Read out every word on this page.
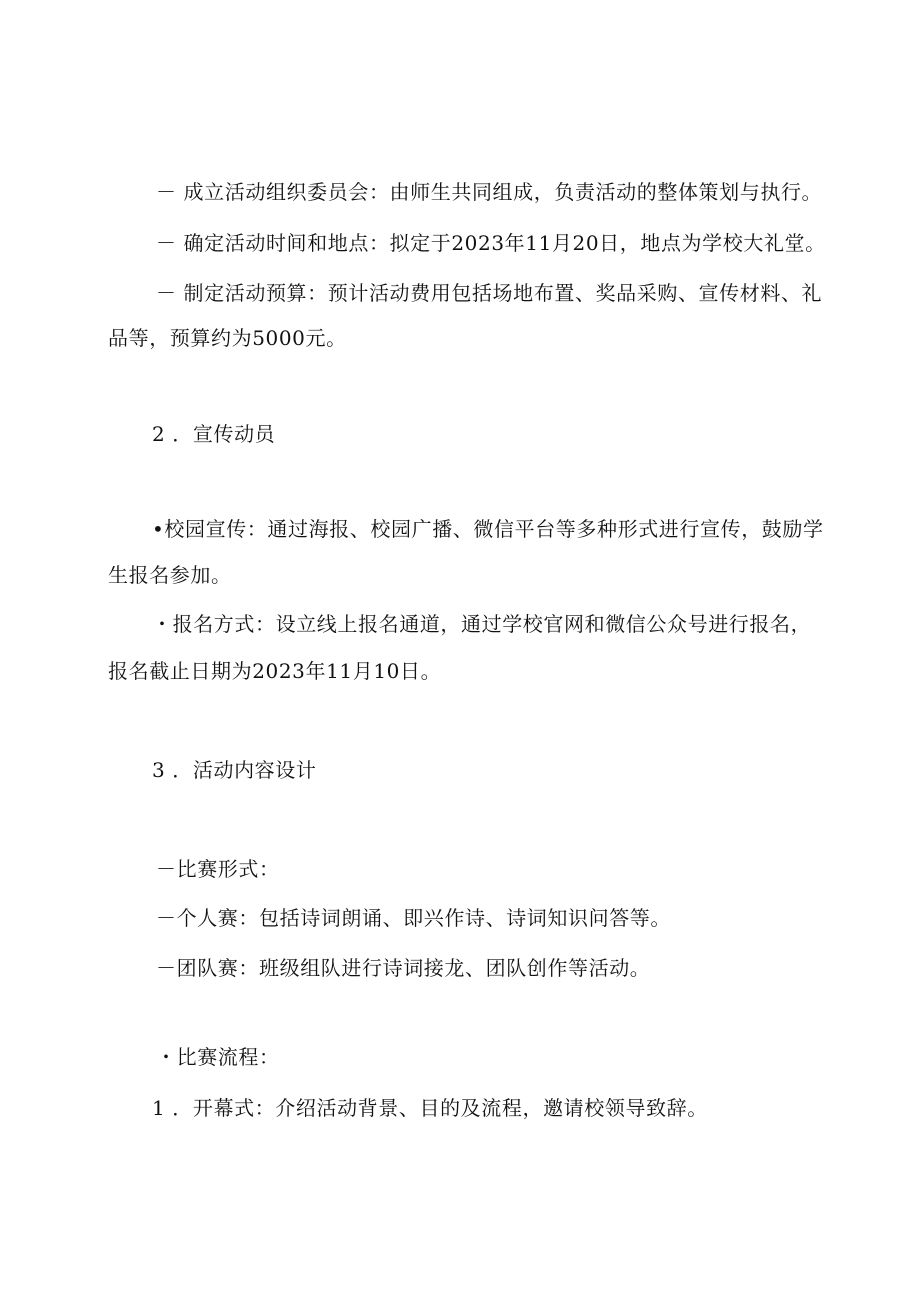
－ 成立活动组织委员会：由师生共同组成，负责活动的整体策划与执行。
－ 确定活动时间和地点：拟定于2023年11月20日，地点为学校大礼堂。
－ 制定活动预算：预计活动费用包括场地布置、奖品采购、宣传材料、礼
品等，预算约为5000元。
2 ．宣传动员
•校园宣传：通过海报、校园广播、微信平台等多种形式进行宣传，鼓励学
生报名参加。
・报名方式：设立线上报名通道，通过学校官网和微信公众号进行报名，
报名截止日期为2023年11月10日。
3 ．活动内容设计
－比赛形式：
－个人赛：包括诗词朗诵、即兴作诗、诗词知识问答等。
－团队赛：班级组队进行诗词接龙、团队创作等活动。
・比赛流程：
1 ．开幕式：介绍活动背景、目的及流程，邀请校领导致辞。
